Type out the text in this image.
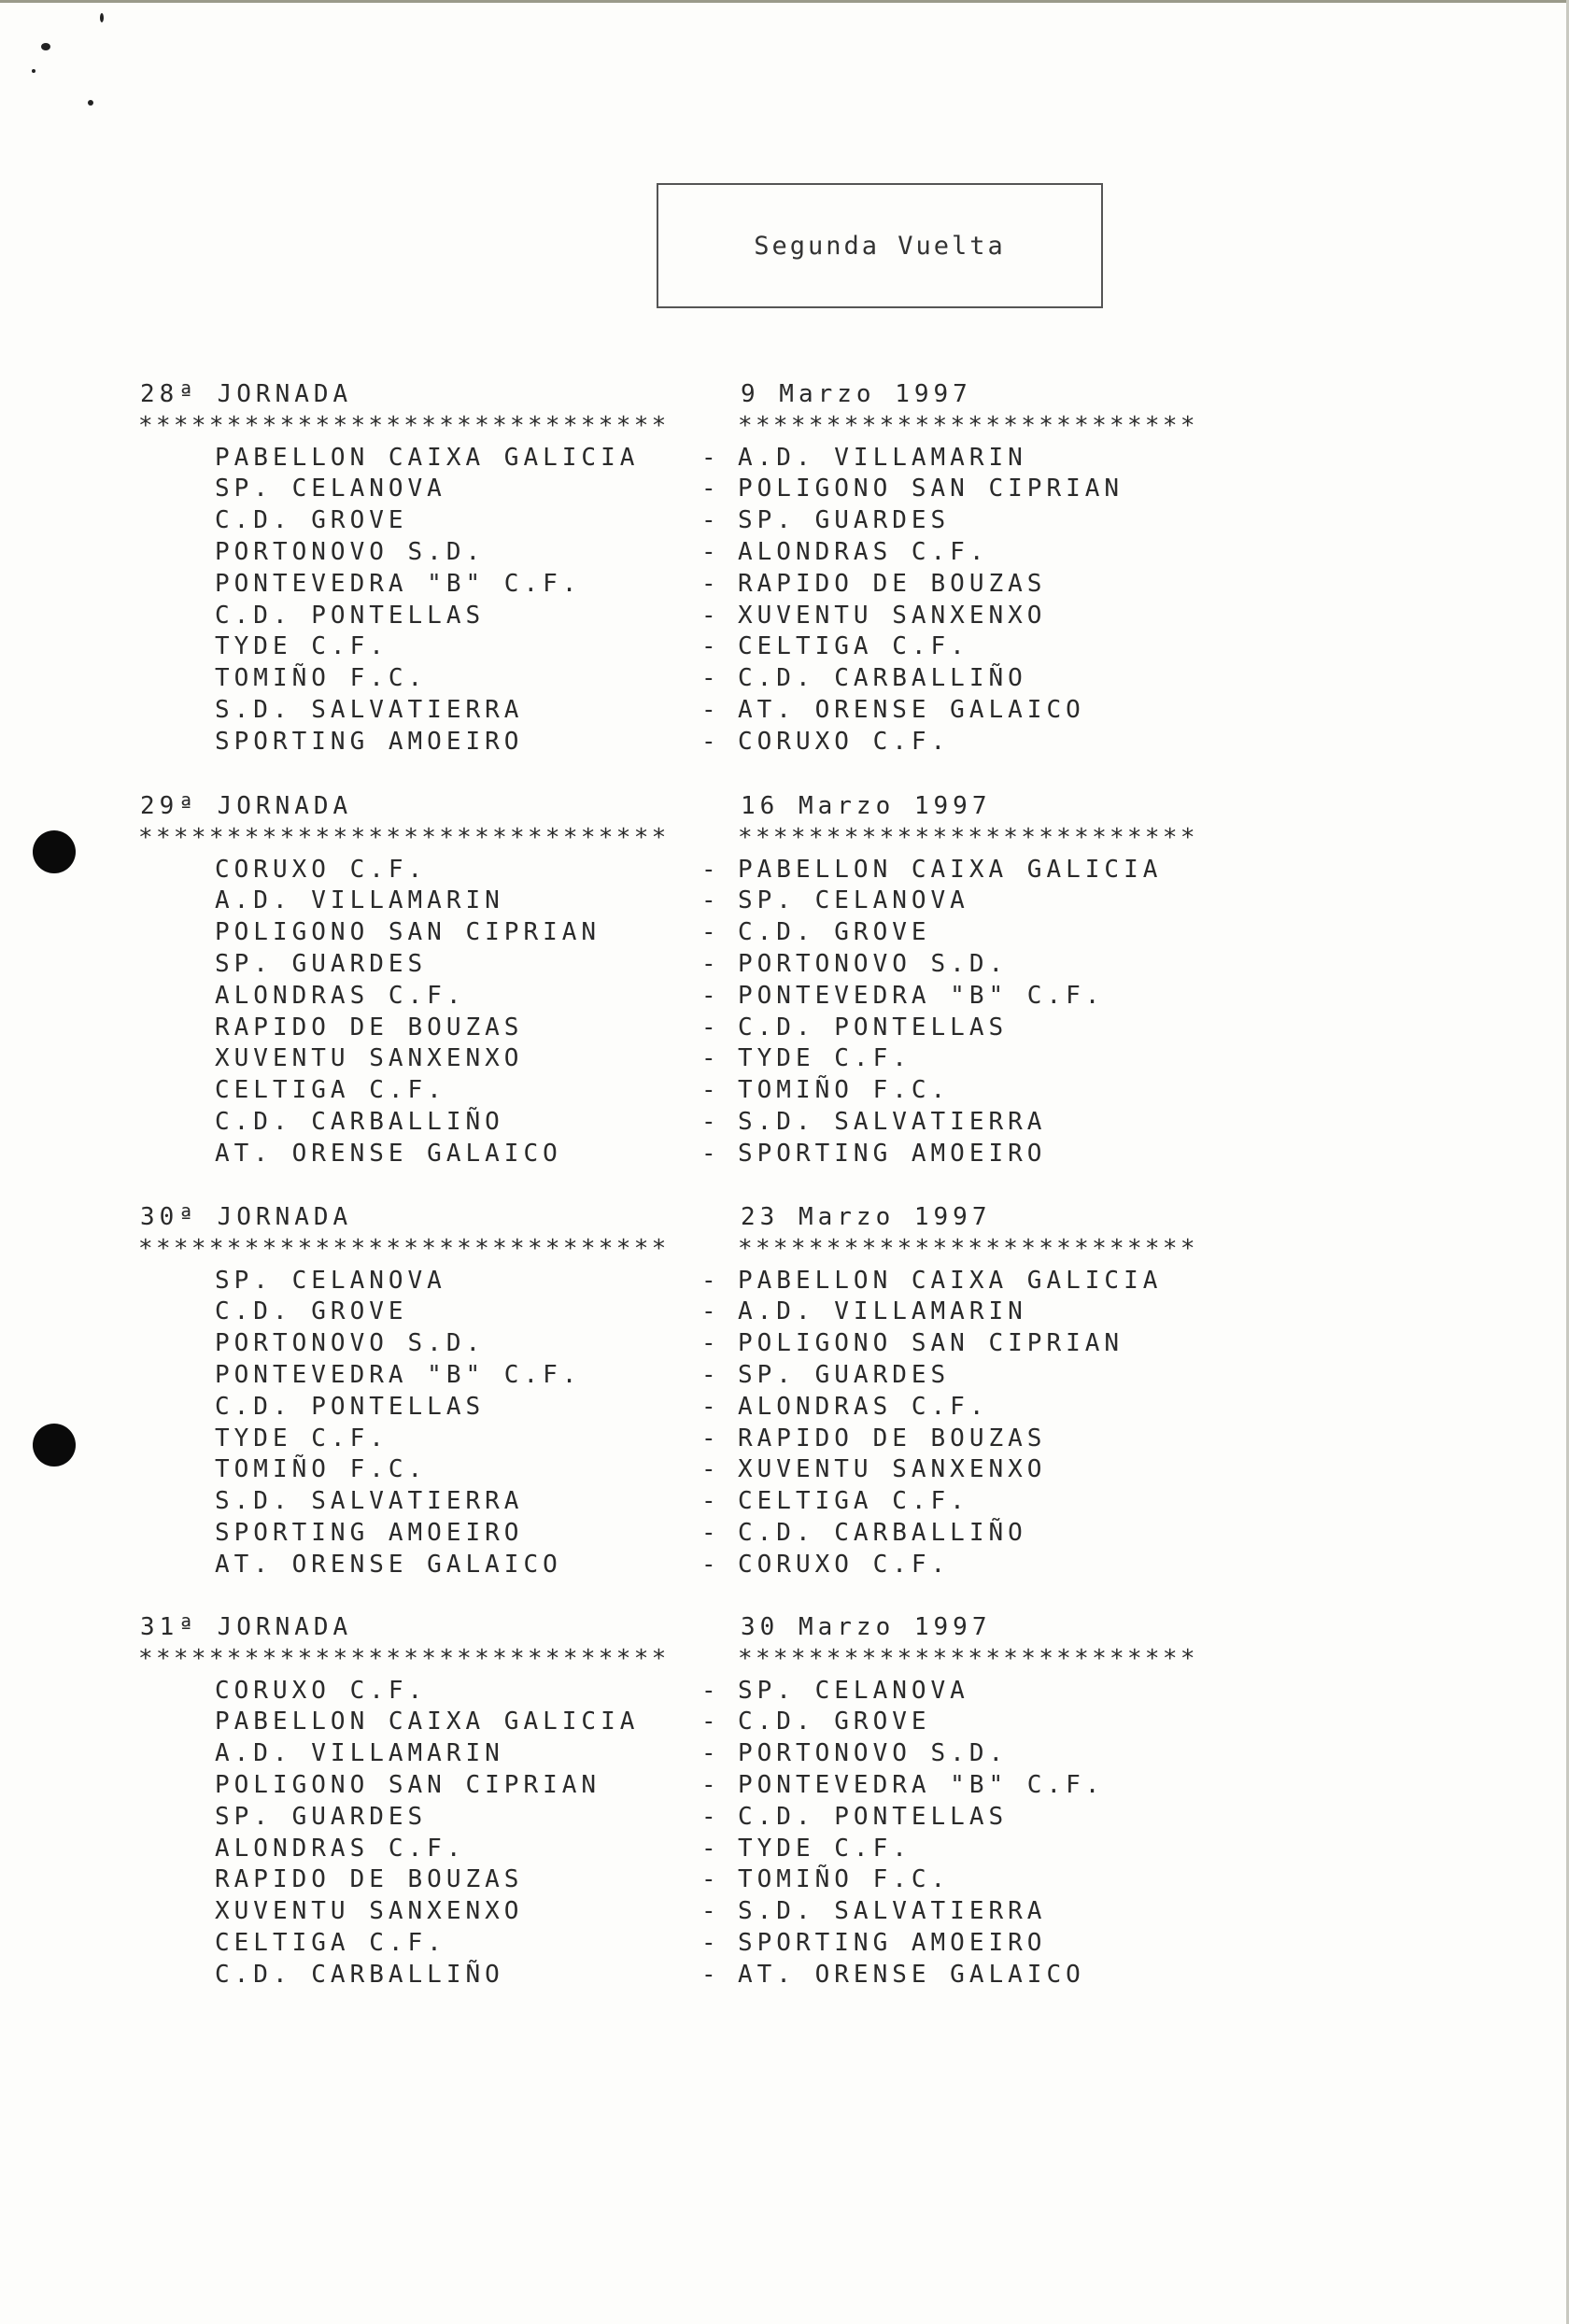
Segunda Vuelta
28ª JORNADA	9 Marzo 1997
******************************	**************************
PABELLON CAIXA GALICIA	- A.D. VILLAMARIN
SP. CELANOVA	- POLIGONO SAN CIPRIAN
C.D. GROVE	- SP. GUARDES
PORTONOVO S.D.	- ALONDRAS C.F.
PONTEVEDRA "B" C.F.	- RAPIDO DE BOUZAS
C.D. PONTELLAS	- XUVENTU SANXENXO
TYDE C.F.	- CELTIGA C.F.
TOMIÑO F.C.	- C.D. CARBALLIÑO
S.D. SALVATIERRA	- AT. ORENSE GALAICO
SPORTING AMOEIRO	- CORUXO C.F.
29ª JORNADA	16 Marzo 1997
******************************	**************************
CORUXO C.F.	- PABELLON CAIXA GALICIA
A.D. VILLAMARIN	- SP. CELANOVA
POLIGONO SAN CIPRIAN	- C.D. GROVE
SP. GUARDES	- PORTONOVO S.D.
ALONDRAS C.F.	- PONTEVEDRA "B" C.F.
RAPIDO DE BOUZAS	- C.D. PONTELLAS
XUVENTU SANXENXO	- TYDE C.F.
CELTIGA C.F.	- TOMIÑO F.C.
C.D. CARBALLIÑO	- S.D. SALVATIERRA
AT. ORENSE GALAICO	- SPORTING AMOEIRO
30ª JORNADA	23 Marzo 1997
******************************	**************************
SP. CELANOVA	- PABELLON CAIXA GALICIA
C.D. GROVE	- A.D. VILLAMARIN
PORTONOVO S.D.	- POLIGONO SAN CIPRIAN
PONTEVEDRA "B" C.F.	- SP. GUARDES
C.D. PONTELLAS	- ALONDRAS C.F.
TYDE C.F.	- RAPIDO DE BOUZAS
TOMIÑO F.C.	- XUVENTU SANXENXO
S.D. SALVATIERRA	- CELTIGA C.F.
SPORTING AMOEIRO	- C.D. CARBALLIÑO
AT. ORENSE GALAICO	- CORUXO C.F.
31ª JORNADA	30 Marzo 1997
******************************	**************************
CORUXO C.F.	- SP. CELANOVA
PABELLON CAIXA GALICIA	- C.D. GROVE
A.D. VILLAMARIN	- PORTONOVO S.D.
POLIGONO SAN CIPRIAN	- PONTEVEDRA "B" C.F.
SP. GUARDES	- C.D. PONTELLAS
ALONDRAS C.F.	- TYDE C.F.
RAPIDO DE BOUZAS	- TOMIÑO F.C.
XUVENTU SANXENXO	- S.D. SALVATIERRA
CELTIGA C.F.	- SPORTING AMOEIRO
C.D. CARBALLIÑO	- AT. ORENSE GALAICO
